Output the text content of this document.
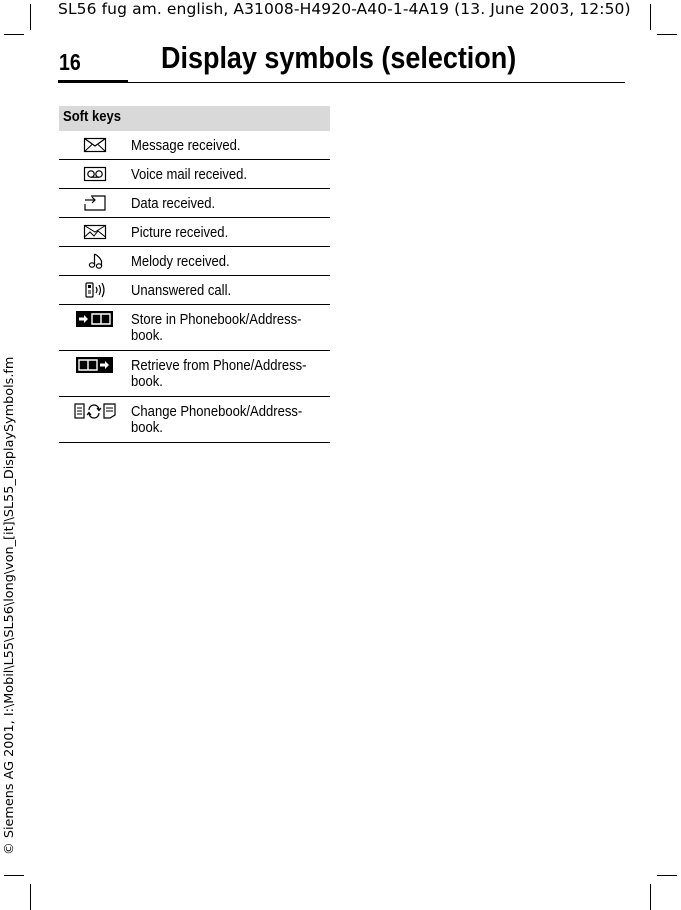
SL56 fug am. english, A31008-H4920-A40-1-4A19 (13. June 2003, 12:50)
16	Display symbols (selection)
© Siemens AG 2001, I:\Mobil\L55\SL56\long\von_[it]\SL55_DisplaySymbols.fm
Soft keys
Message received.
Voice mail received.
Data received.
Picture received.
Melody received.
Unanswered call.
Store in Phonebook/Address-
book.
Retrieve from Phone/Address-
book.
Change Phonebook/Address-
book.
